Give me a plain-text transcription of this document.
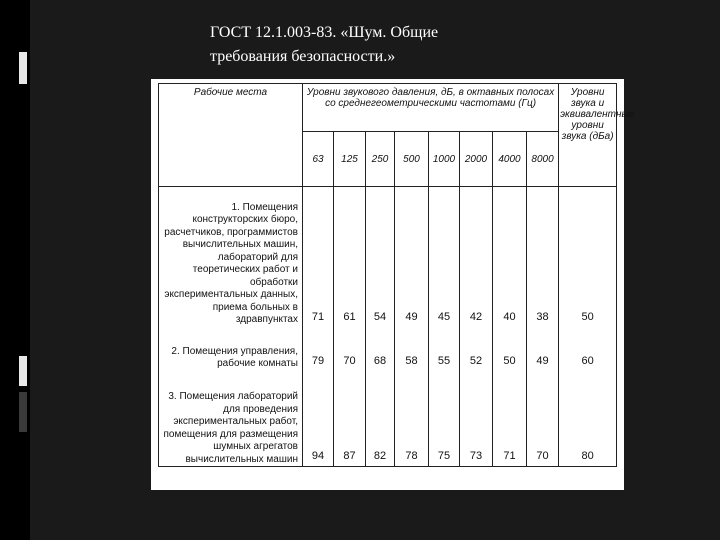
ГОСТ 12.1.003-83. «Шум. Общие
требования безопасности.»
Рабочие места	Уровни звукового давления, дБ, в октавных полосах со среднегеометрическими частотами (Гц)								Уровни звука и эквивалентные уровни звука (дБа)
	63	125	250	500	1000	2000	4000	8000	
1. Помещения конструкторских бюро, расчетчиков, программистов вычислительных машин, лабораторий для теоретических работ и обработки экспериментальных данных, приема больных в здравпунктах	71	61	54	49	45	42	40	38	50
2. Помещения управления, рабочие комнаты	79	70	68	58	55	52	50	49	60
3. Помещения лабораторий для проведения экспериментальных работ, помещения для размещения шумных агрегатов вычислительных машин	94	87	82	78	75	73	71	70	80
